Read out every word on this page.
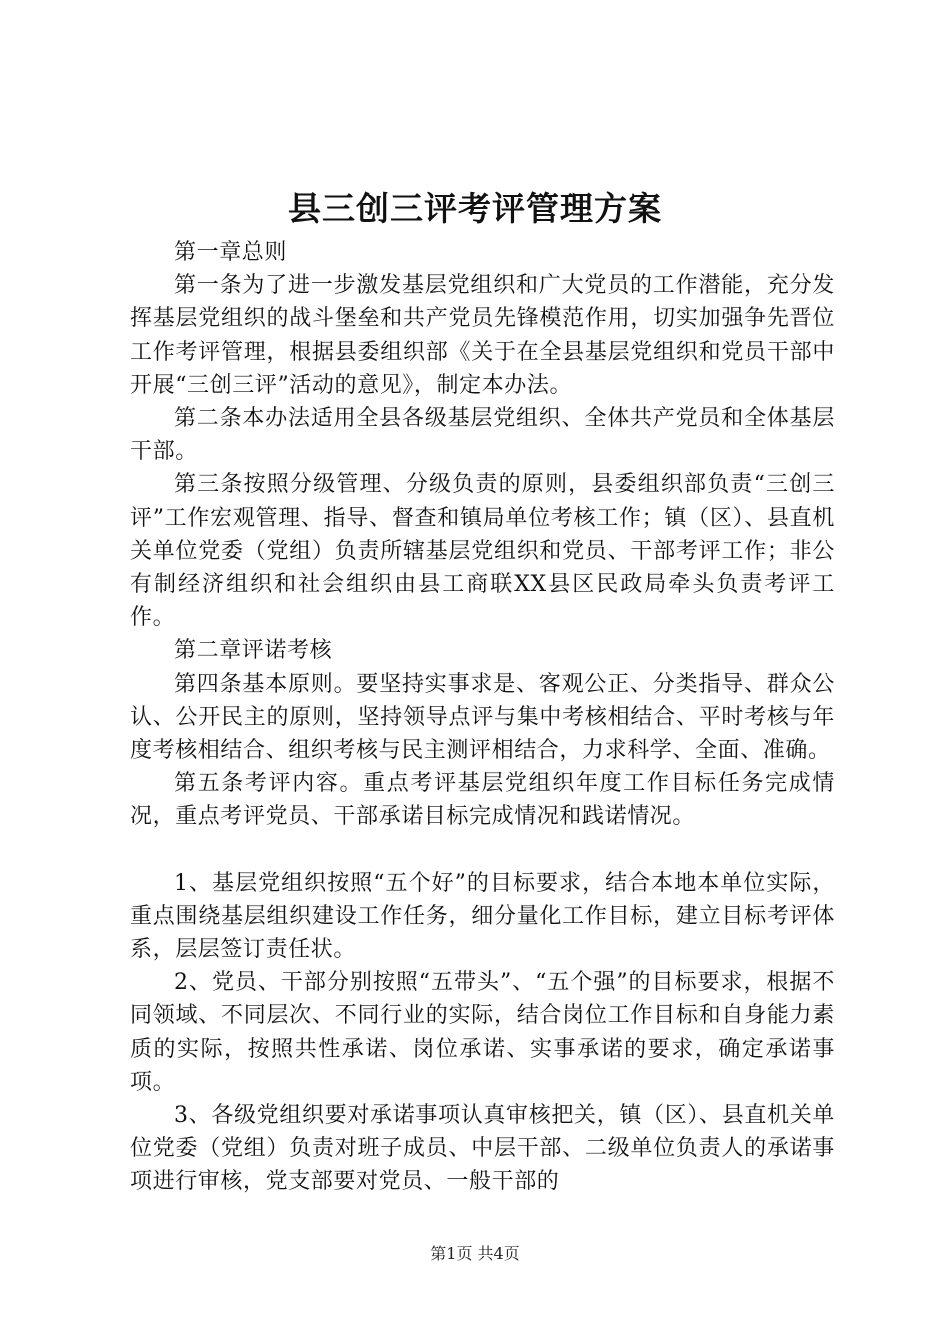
县三创三评考评管理方案

第一章总则

第一条为了进一步激发基层党组织和广大党员的工作潜能，充分发挥基层党组织的战斗堡垒和共产党员先锋模范作用，切实加强争先晋位工作考评管理，根据县委组织部《关于在全县基层党组织和党员干部中开展“三创三评”活动的意见》，制定本办法。

第二条本办法适用全县各级基层党组织、全体共产党员和全体基层干部。

第三条按照分级管理、分级负责的原则，县委组织部负责“三创三评”工作宏观管理、指导、督查和镇局单位考核工作；镇（区）、县直机关单位党委（党组）负责所辖基层党组织和党员、干部考评工作；非公有制经济组织和社会组织由县工商联XX县区民政局牵头负责考评工作。

第二章评诺考核

第四条基本原则。要坚持实事求是、客观公正、分类指导、群众公认、公开民主的原则，坚持领导点评与集中考核相结合、平时考核与年度考核相结合、组织考核与民主测评相结合，力求科学、全面、准确。

第五条考评内容。重点考评基层党组织年度工作目标任务完成情况，重点考评党员、干部承诺目标完成情况和践诺情况。

1、基层党组织按照“五个好”的目标要求，结合本地本单位实际，重点围绕基层组织建设工作任务，细分量化工作目标，建立目标考评体系，层层签订责任状。

2、党员、干部分别按照“五带头”、“五个强”的目标要求，根据不同领域、不同层次、不同行业的实际，结合岗位工作目标和自身能力素质的实际，按照共性承诺、岗位承诺、实事承诺的要求，确定承诺事项。

3、各级党组织要对承诺事项认真审核把关，镇（区）、县直机关单位党委（党组）负责对班子成员、中层干部、二级单位负责人的承诺事项进行审核，党支部要对党员、一般干部的

第1页 共4页
